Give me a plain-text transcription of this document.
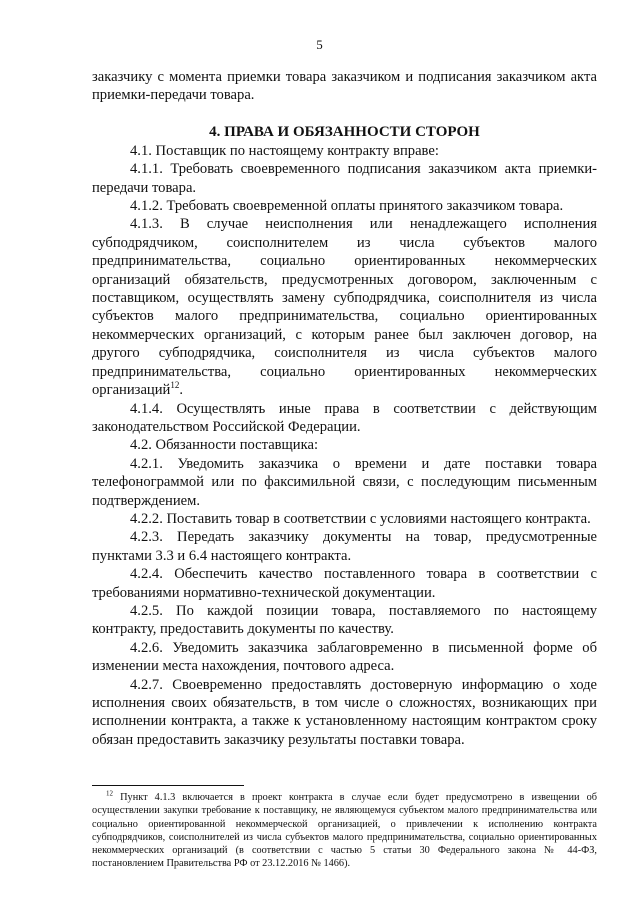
5

заказчику с момента приемки товара заказчиком и подписания заказчиком акта приемки-передачи товара.

4. ПРАВА И ОБЯЗАННОСТИ СТОРОН

4.1. Поставщик по настоящему контракту вправе:

4.1.1. Требовать своевременного подписания заказчиком акта приемки-передачи товара.

4.1.2. Требовать своевременной оплаты принятого заказчиком товара.

4.1.3. В случае неисполнения или ненадлежащего исполнения субподрядчиком, соисполнителем из числа субъектов малого предпринимательства, социально ориентированных некоммерческих организаций обязательств, предусмотренных договором, заключенным с поставщиком, осуществлять замену субподрядчика, соисполнителя из числа субъектов малого предпринимательства, социально ориентированных некоммерческих организаций, с которым ранее был заключен договор, на другого субподрядчика, соисполнителя из числа субъектов малого предпринимательства, социально ориентированных некоммерческих организаций$^{12}$.

4.1.4. Осуществлять иные права в соответствии с действующим законодательством Российской Федерации.

4.2. Обязанности поставщика:

4.2.1. Уведомить заказчика о времени и дате поставки товара телефонограммой или по факсимильной связи, с последующим письменным подтверждением.

4.2.2. Поставить товар в соответствии с условиями настоящего контракта.

4.2.3. Передать заказчику документы на товар, предусмотренные пунктами 3.3 и 6.4 настоящего контракта.

4.2.4. Обеспечить качество поставленного товара в соответствии с требованиями нормативно-технической документации.

4.2.5. По каждой позиции товара, поставляемого по настоящему контракту, предоставить документы по качеству.

4.2.6. Уведомить заказчика заблаговременно в письменной форме об изменении места нахождения, почтового адреса.

4.2.7. Своевременно предоставлять достоверную информацию о ходе исполнения своих обязательств, в том числе о сложностях, возникающих при исполнении контракта, а также к установленному настоящим контрактом сроку обязан предоставить заказчику результаты поставки товара.

$^{12}$ Пункт 4.1.3 включается в проект контракта в случае если будет предусмотрено в извещении об осуществлении закупки требование к поставщику, не являющемуся субъектом малого предпринимательства или социально ориентированной некоммерческой организацией, о привлечении к исполнению контракта субподрядчиков, соисполнителей из числа субъектов малого предпринимательства, социально ориентированных некоммерческих организаций (в соответствии с частью 5 статьи 30 Федерального закона № 44-ФЗ, постановлением Правительства РФ от 23.12.2016 № 1466).
